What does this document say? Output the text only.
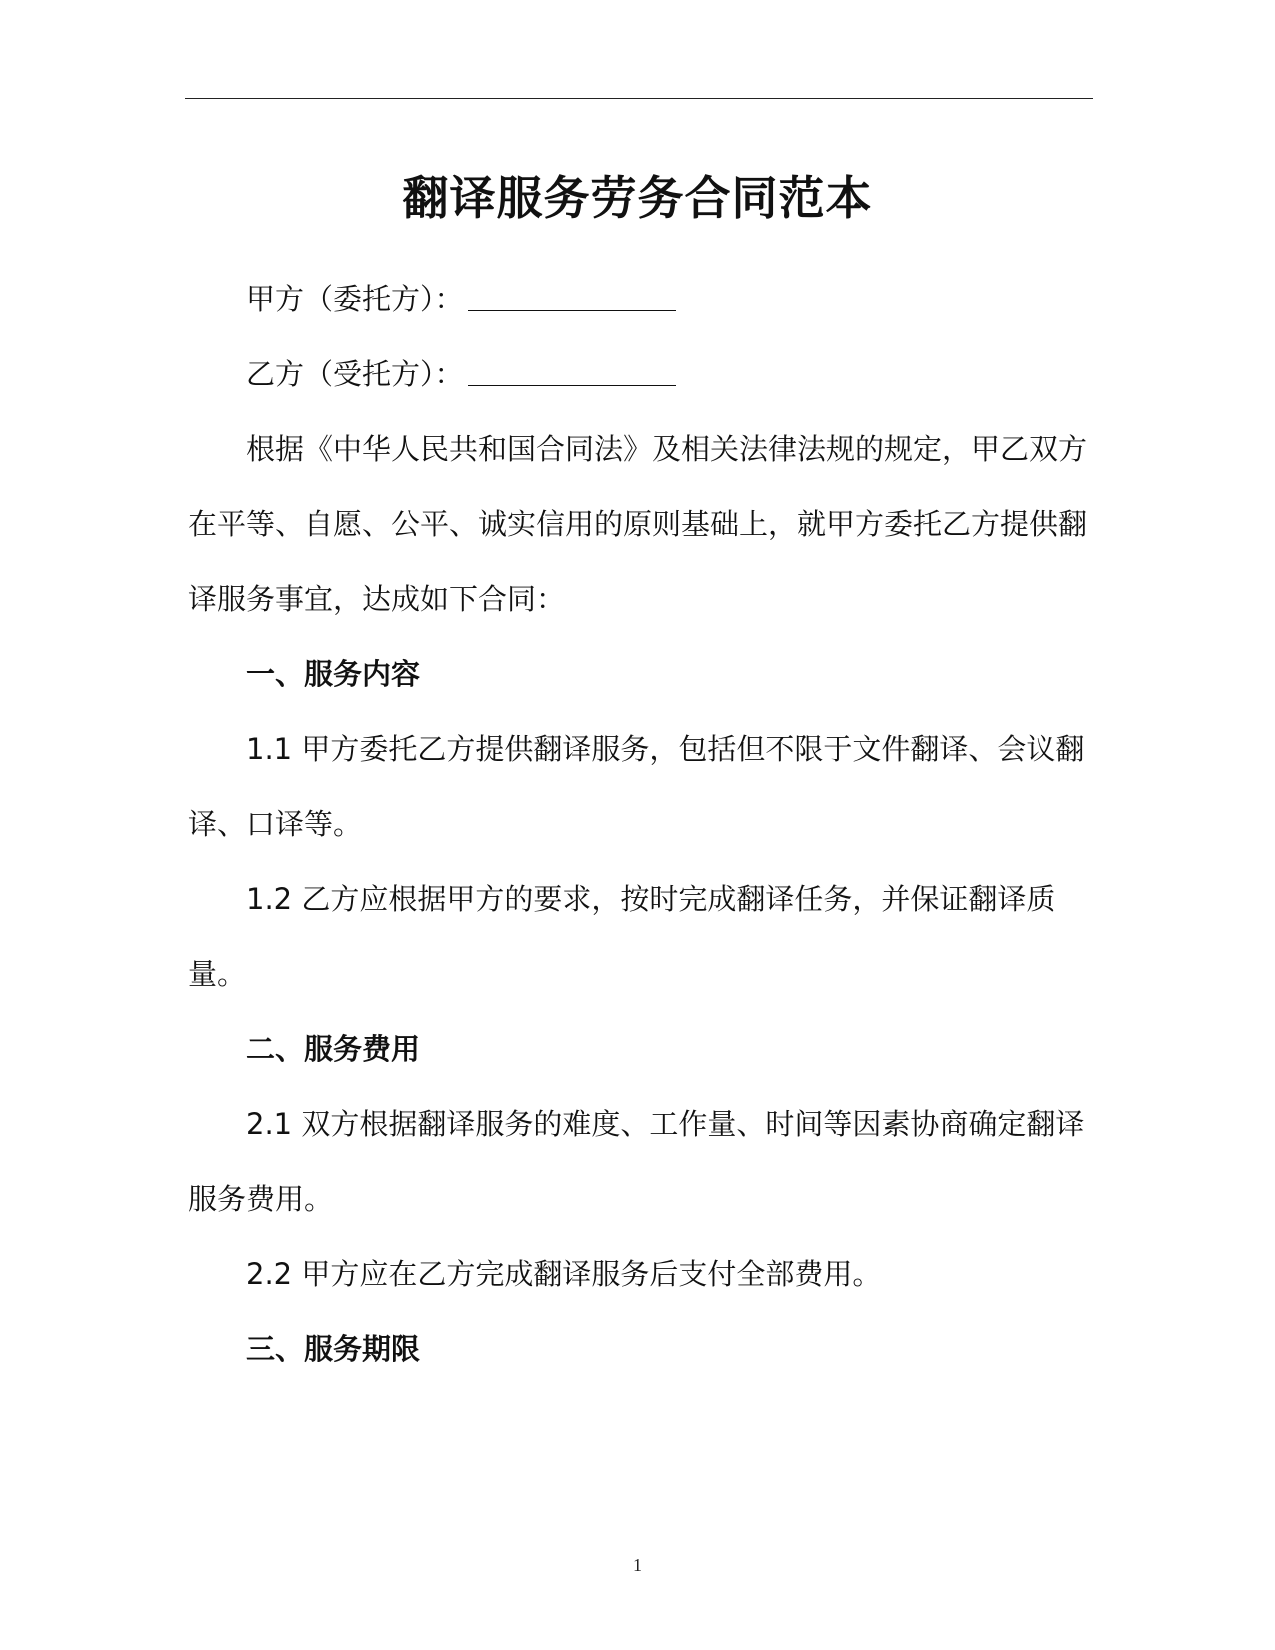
翻译服务劳务合同范本

甲方（委托方）：

乙方（受托方）：

根据《中华人民共和国合同法》及相关法律法规的规定，甲乙双方在平等、自愿、公平、诚实信用的原则基础上，就甲方委托乙方提供翻译服务事宜，达成如下合同：

一、服务内容

1.1 甲方委托乙方提供翻译服务，包括但不限于文件翻译、会议翻译、口译等。

1.2 乙方应根据甲方的要求，按时完成翻译任务，并保证翻译质量。

二、服务费用

2.1 双方根据翻译服务的难度、工作量、时间等因素协商确定翻译服务费用。

2.2 甲方应在乙方完成翻译服务后支付全部费用。

三、服务期限

1
